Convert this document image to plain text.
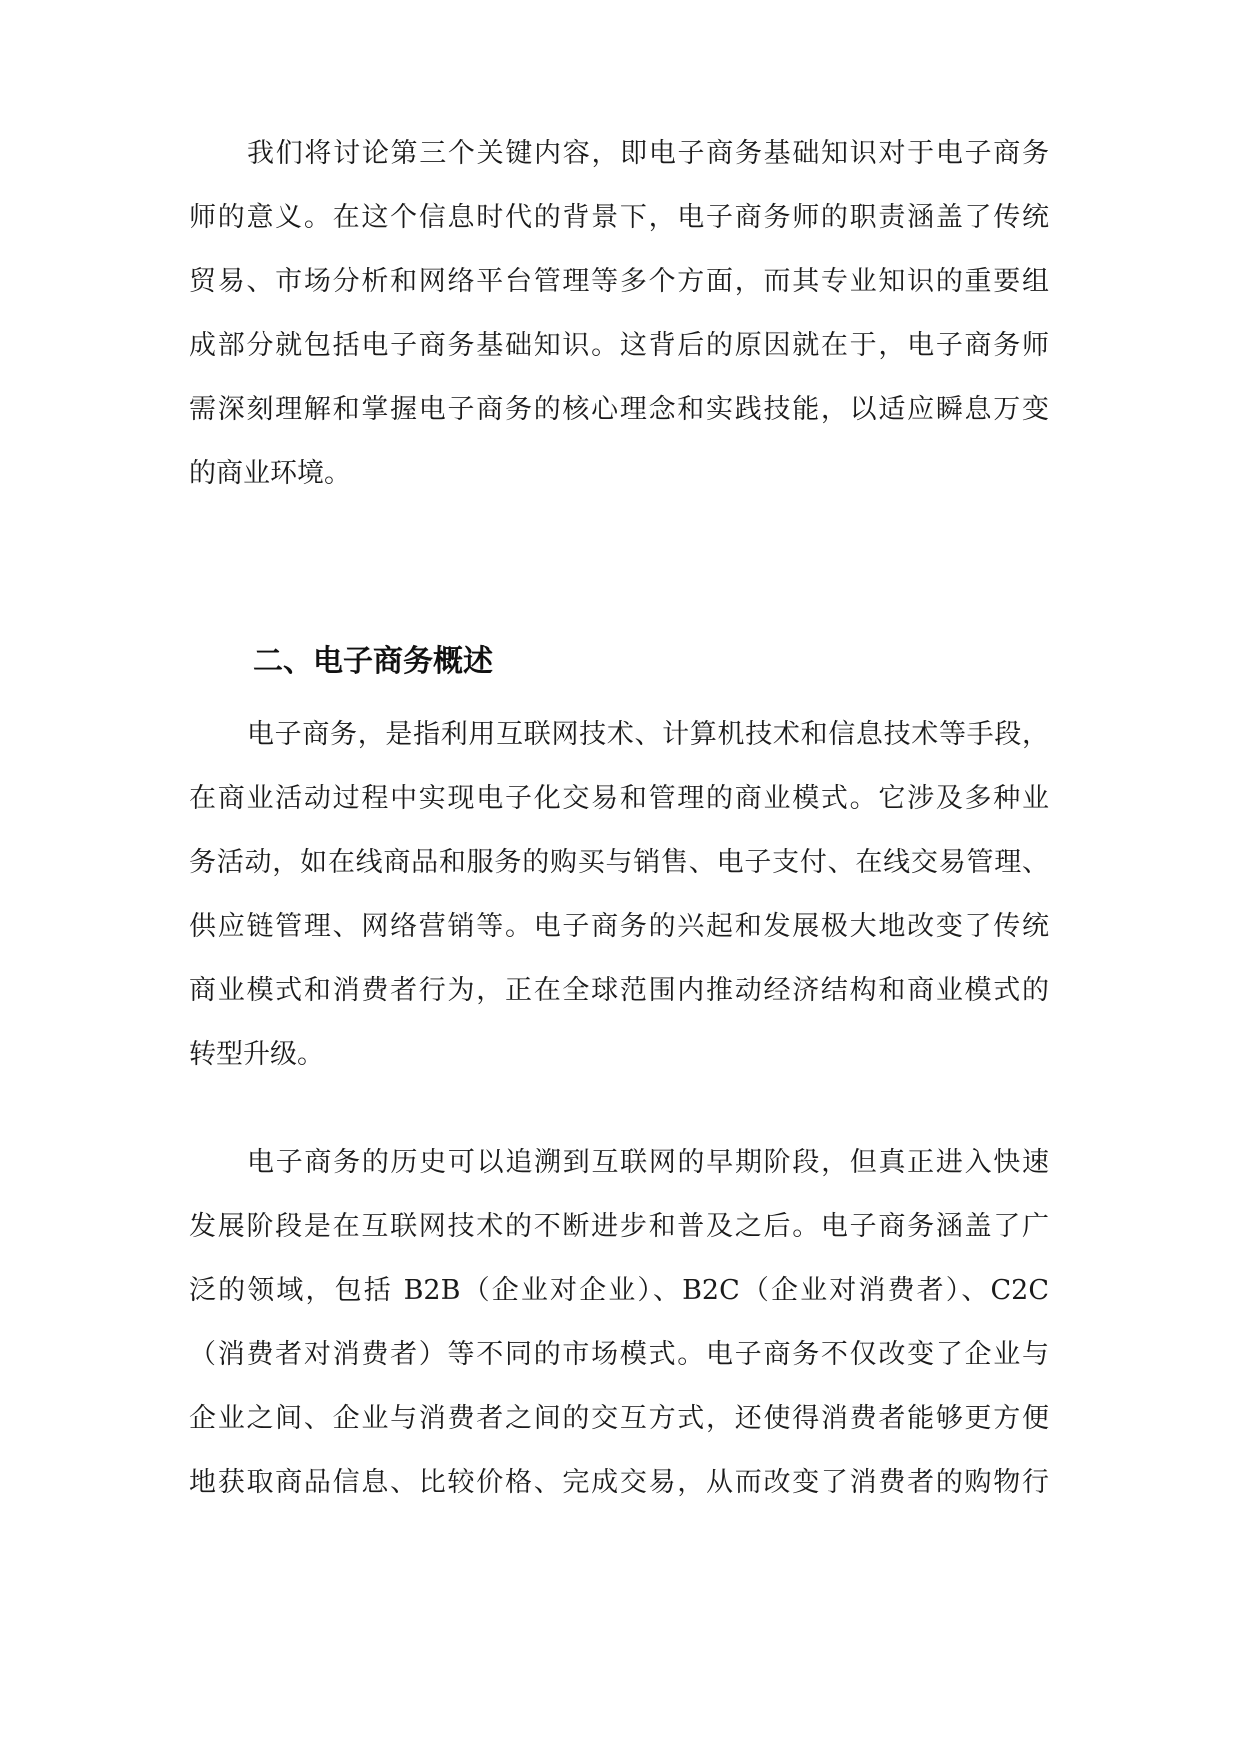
我们将讨论第三个关键内容，即电子商务基础知识对于电子商务
师的意义。在这个信息时代的背景下，电子商务师的职责涵盖了传统
贸易、市场分析和网络平台管理等多个方面，而其专业知识的重要组
成部分就包括电子商务基础知识。这背后的原因就在于，电子商务师
需深刻理解和掌握电子商务的核心理念和实践技能，以适应瞬息万变
的商业环境。
二、电子商务概述
电子商务，是指利用互联网技术、计算机技术和信息技术等手段，
在商业活动过程中实现电子化交易和管理的商业模式。它涉及多种业
务活动，如在线商品和服务的购买与销售、电子支付、在线交易管理、
供应链管理、网络营销等。电子商务的兴起和发展极大地改变了传统
商业模式和消费者行为，正在全球范围内推动经济结构和商业模式的
转型升级。
电子商务的历史可以追溯到互联网的早期阶段，但真正进入快速
发展阶段是在互联网技术的不断进步和普及之后。电子商务涵盖了广
泛的领域，包括 B2B（企业对企业）、B2C（企业对消费者）、C2C
（消费者对消费者）等不同的市场模式。电子商务不仅改变了企业与
企业之间、企业与消费者之间的交互方式，还使得消费者能够更方便
地获取商品信息、比较价格、完成交易，从而改变了消费者的购物行
